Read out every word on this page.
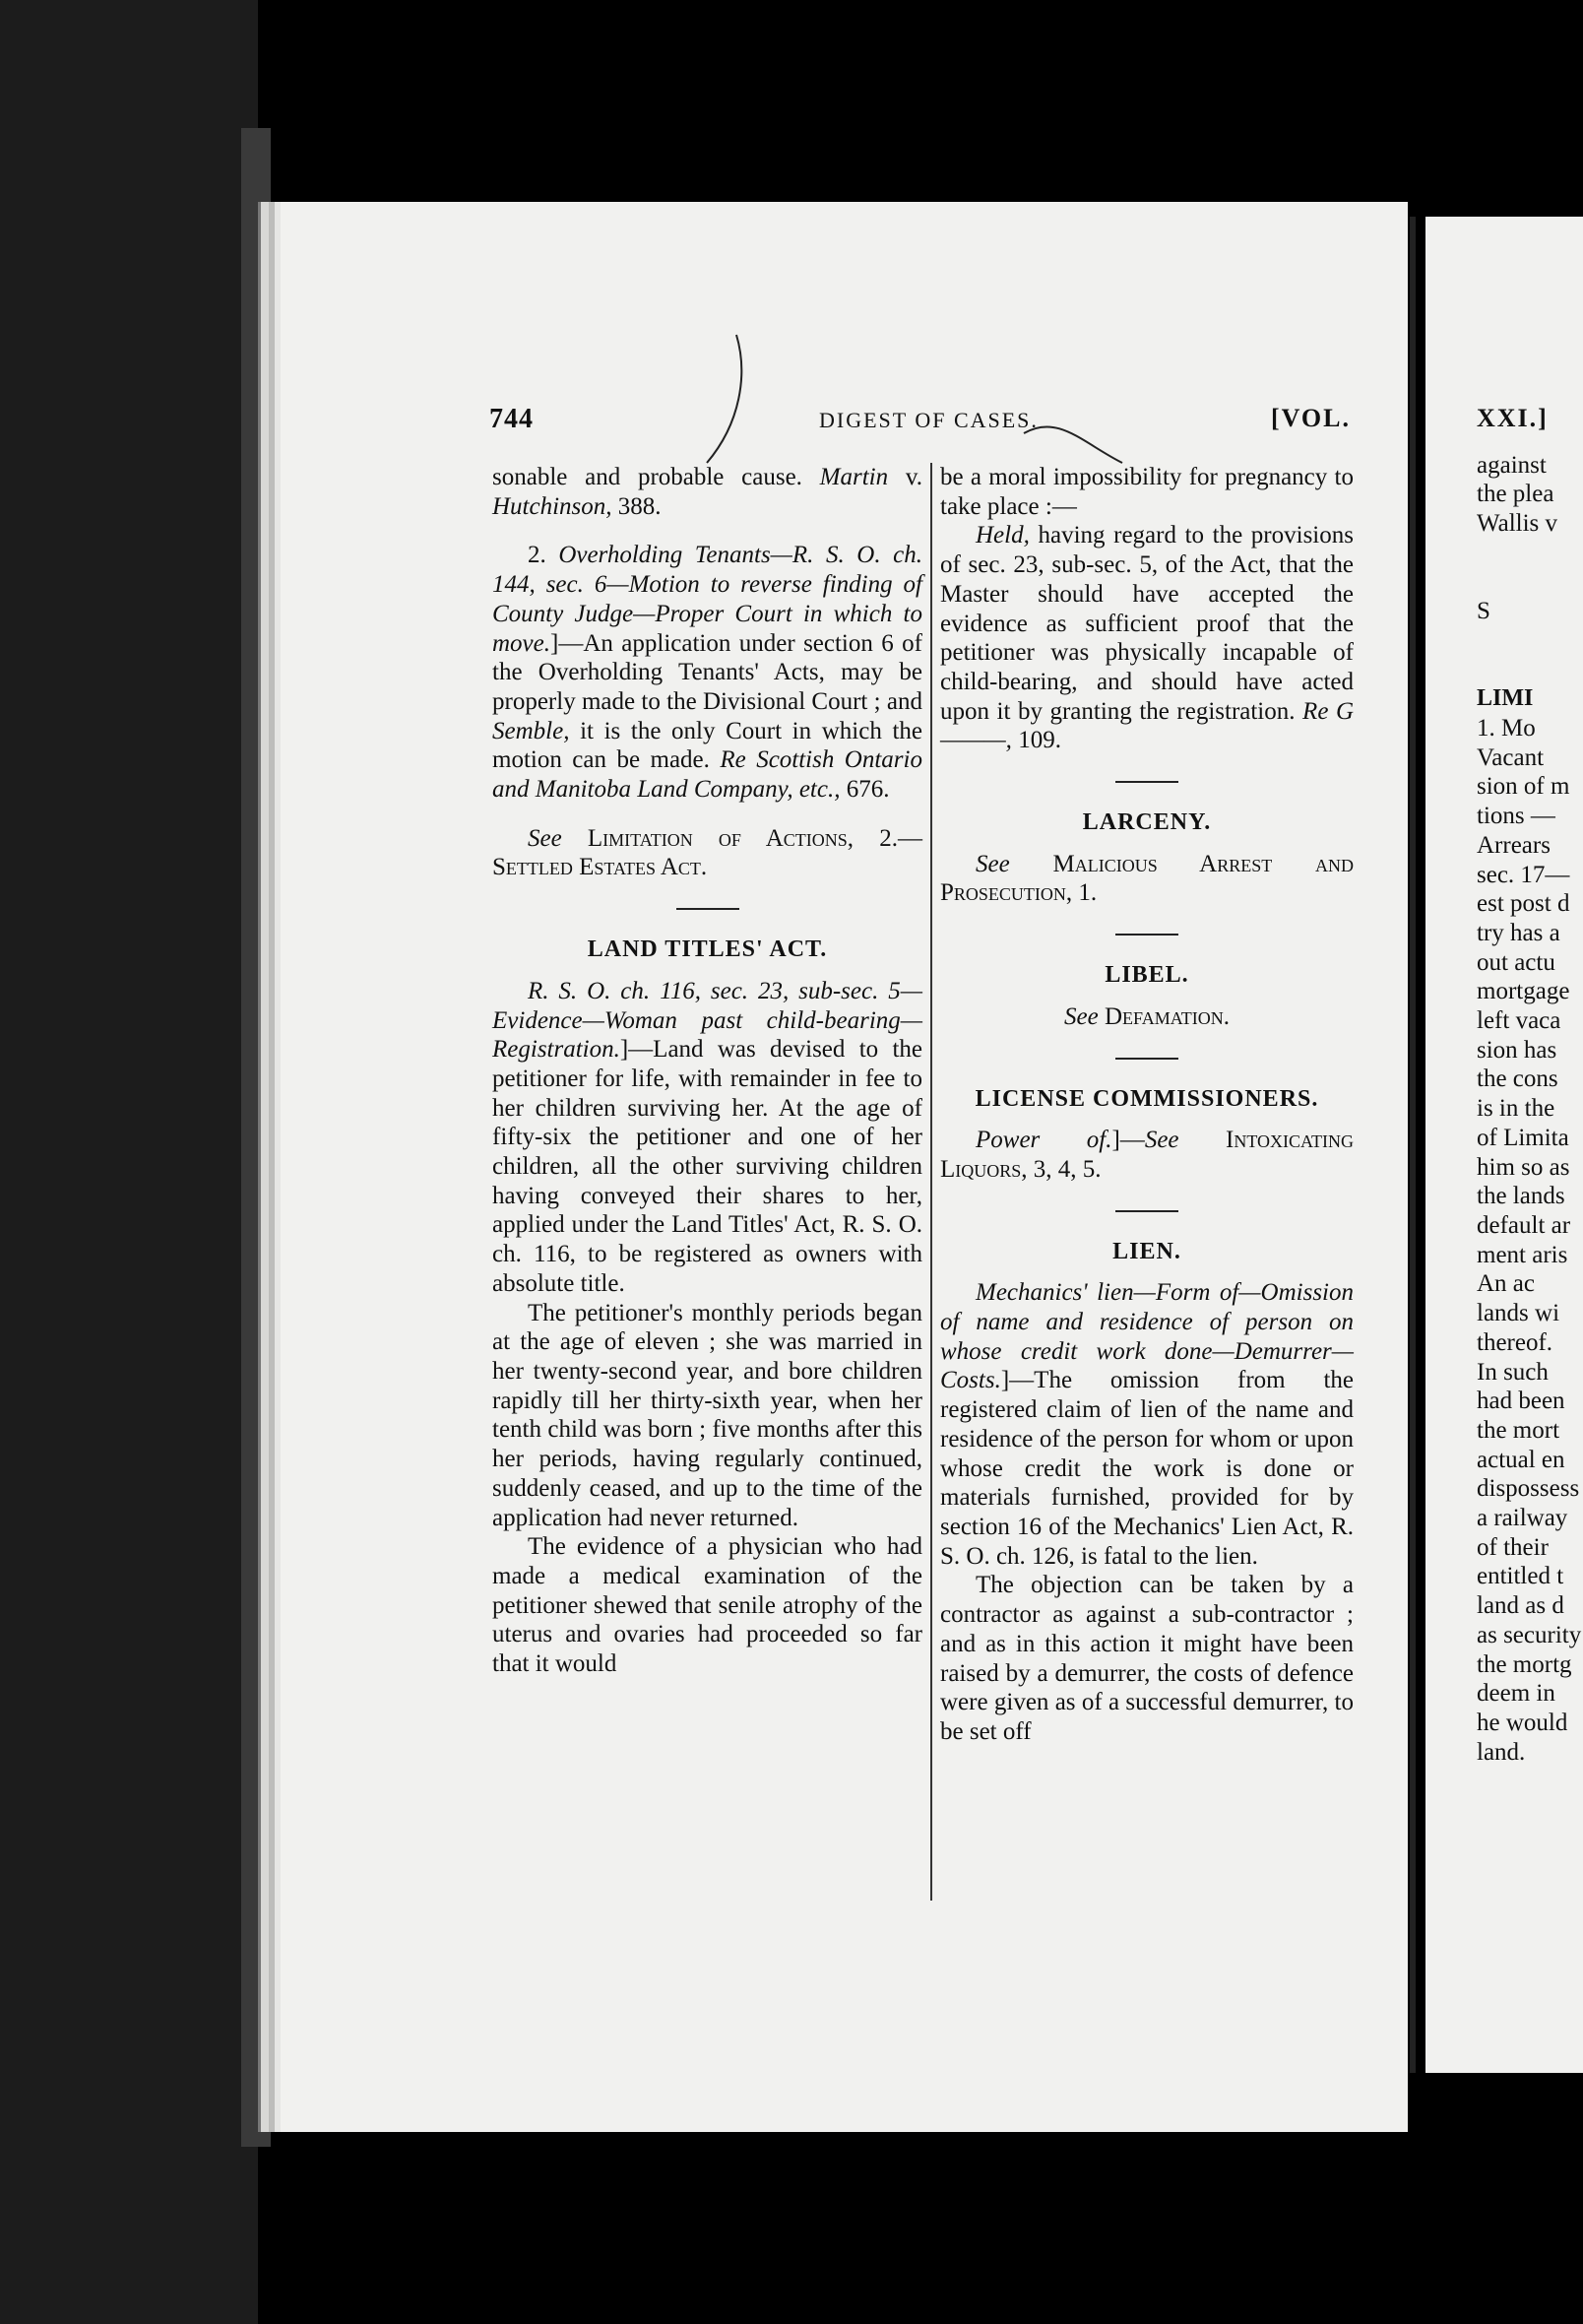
744	DIGEST OF CASES.	[VOL.

sonable and probable cause. Martin v. Hutchinson, 388.

2. Overholding Tenants—R. S. O. ch. 144, sec. 6—Motion to reverse finding of County Judge—Proper Court in which to move.]—An application under section 6 of the Overholding Tenants' Acts, may be properly made to the Divisional Court ; and Semble, it is the only Court in which the motion can be made. Re Scottish Ontario and Manitoba Land Company, etc., 676.

See Limitation of Actions, 2.— Settled Estates Act.

LAND TITLES' ACT.

R. S. O. ch. 116, sec. 23, sub-sec. 5—Evidence—Woman past child-bearing—Registration.]—Land was devised to the petitioner for life, with remainder in fee to her children surviving her. At the age of fifty-six the petitioner and one of her children, all the other surviving children having conveyed their shares to her, applied under the Land Titles' Act, R. S. O. ch. 116, to be registered as owners with absolute title.

The petitioner's monthly periods began at the age of eleven ; she was married in her twenty-second year, and bore children rapidly till her thirty-sixth year, when her tenth child was born ; five months after this her periods, having regularly continued, suddenly ceased, and up to the time of the application had never returned.

The evidence of a physician who had made a medical examination of the petitioner shewed that senile atrophy of the uterus and ovaries had proceeded so far that it would

be a moral impossibility for pregnancy to take place :—

Held, having regard to the provisions of sec. 23, sub-sec. 5, of the Act, that the Master should have accepted the evidence as sufficient proof that the petitioner was physically incapable of child-bearing, and should have acted upon it by granting the registration. Re G———, 109.

LARCENY.

See Malicious Arrest and Prosecution, 1.

LIBEL.

See Defamation.

LICENSE COMMISSIONERS.

Power of.]—See Intoxicating Liquors, 3, 4, 5.

LIEN.

Mechanics' lien—Form of—Omission of name and residence of person on whose credit work done—Demurrer—Costs.]—The omission from the registered claim of lien of the name and residence of the person for whom or upon whose credit the work is done or materials furnished, provided for by section 16 of the Mechanics' Lien Act, R. S. O. ch. 126, is fatal to the lien.

The objection can be taken by a contractor as against a sub-contractor ; and as in this action it might have been raised by a demurrer, the costs of defence were given as of a successful demurrer, to be set off

XXI.]

against

the plea

Wallis v

S

LIMI

1. Mo

Vacant

sion of m

tions —

Arrears

sec. 17—

est post d

try has a

out actu

mortgage

left vaca

sion has

the cons

is in the

of Limita

him so as

the lands

default ar

ment aris

An ac

lands wi

thereof.

In such

had been

the mort

actual en

dispossess

a railway

of their

entitled t

land as d

as security

the mortg

deem in

he would

land.
